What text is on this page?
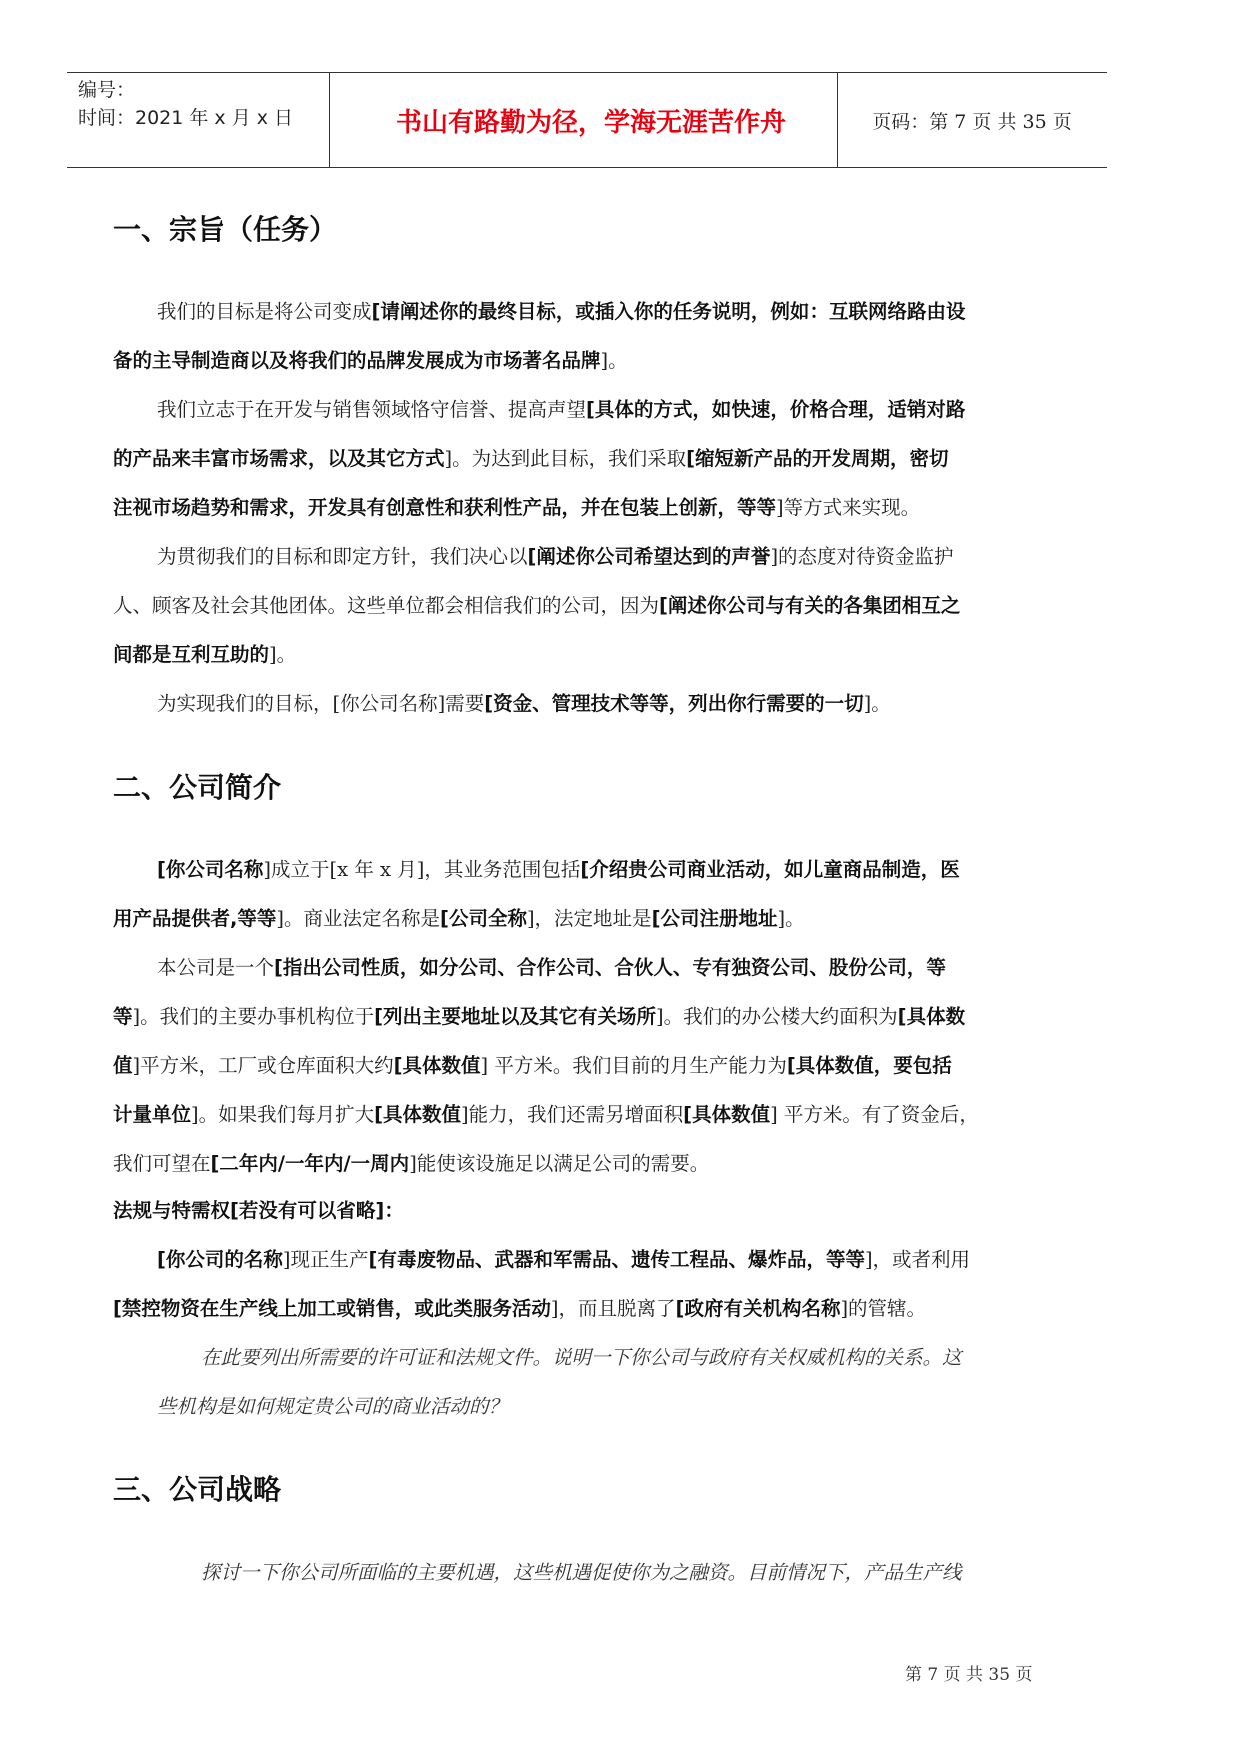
编号：
时间：2021 年 x 月 x 日	书山有路勤为径，学海无涯苦作舟	页码：第 7 页 共 35 页
一、宗旨（任务）
我们的目标是将公司变成[请阐述你的最终目标，或插入你的任务说明，例如：互联网络路由设
备的主导制造商以及将我们的品牌发展成为市场著名品牌]。
我们立志于在开发与销售领域恪守信誉、提高声望[具体的方式，如快速，价格合理，适销对路
的产品来丰富市场需求，以及其它方式]。为达到此目标，我们采取[缩短新产品的开发周期，密切
注视市场趋势和需求，开发具有创意性和获利性产品，并在包装上创新，等等]等方式来实现。
为贯彻我们的目标和即定方针，我们决心以[阐述你公司希望达到的声誉]的态度对待资金监护
人、顾客及社会其他团体。这些单位都会相信我们的公司，因为[阐述你公司与有关的各集团相互之
间都是互利互助的]。
为实现我们的目标，[你公司名称]需要[资金、管理技术等等，列出你行需要的一切]。
二、公司简介
[你公司名称]成立于[x 年 x 月]，其业务范围包括[介绍贵公司商业活动，如儿童商品制造，医
用产品提供者,等等]。商业法定名称是[公司全称]，法定地址是[公司注册地址]。
本公司是一个[指出公司性质，如分公司、合作公司、合伙人、专有独资公司、股份公司，等
等]。我们的主要办事机构位于[列出主要地址以及其它有关场所]。我们的办公楼大约面积为[具体数
值]平方米，工厂或仓库面积大约[具体数值] 平方米。我们目前的月生产能力为[具体数值，要包括
计量单位]。如果我们每月扩大[具体数值]能力，我们还需另增面积[具体数值] 平方米。有了资金后，
我们可望在[二年内/一年内/一周内]能使该设施足以满足公司的需要。
法规与特需权[若没有可以省略]：
[你公司的名称]现正生产[有毒废物品、武器和军需品、遗传工程品、爆炸品，等等]，或者利用
[禁控物资在生产线上加工或销售，或此类服务活动]，而且脱离了[政府有关机构名称]的管辖。
在此要列出所需要的许可证和法规文件。说明一下你公司与政府有关权威机构的关系。这
些机构是如何规定贵公司的商业活动的？
三、公司战略
探讨一下你公司所面临的主要机遇，这些机遇促使你为之融资。目前情况下，产品生产线
第 7 页 共 35 页
